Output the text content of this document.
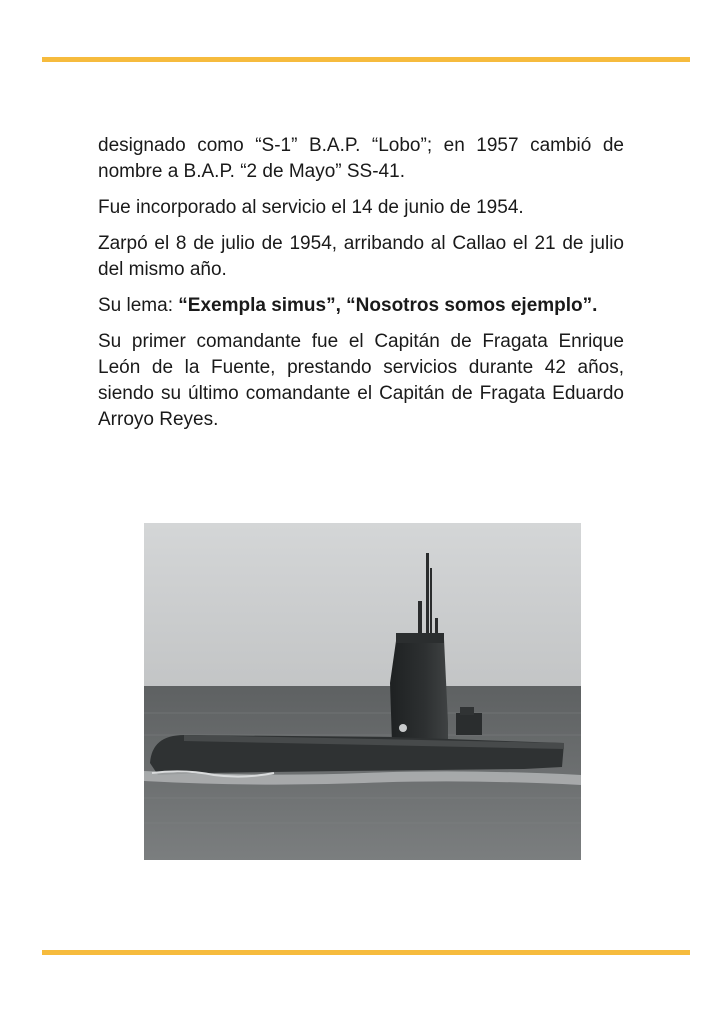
designado como “S-1” B.A.P. “Lobo”; en 1957 cambió de nombre a B.A.P. “2 de Mayo” SS-41.

Fue incorporado al servicio el 14 de junio de 1954.

Zarpó el 8 de julio de 1954, arribando al Callao el 21 de julio del mismo año.

Su lema: “Exempla simus”, “Nosotros somos ejemplo”.

Su primer comandante fue el Capitán de Fragata Enrique León de la Fuente, prestando servicios durante 42 años, siendo su último comandante el Capitán de Fragata Eduardo Arroyo Reyes.
